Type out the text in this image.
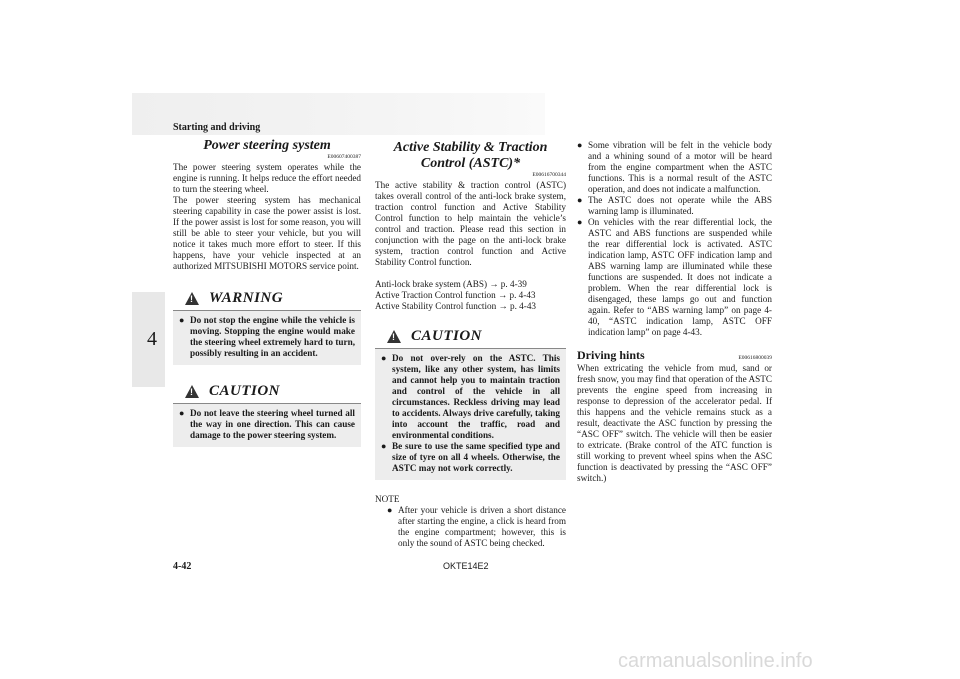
Starting and driving
4
Power steering system
E00607400387

The power steering system operates while the engine is running. It helps reduce the effort needed to turn the steering wheel.

The power steering system has mechanical steering capability in case the power assist is lost. If the power assist is lost for some reason, you will still be able to steer your vehicle, but you will notice it takes much more effort to steer. If this happens, have your vehicle inspected at an authorized MITSUBISHI MOTORS service point.

!
WARNING
● Do not stop the engine while the vehicle is moving. Stopping the engine would make the steering wheel extremely hard to turn, possibly resulting in an accident.
!
CAUTION
● Do not leave the steering wheel turned all the way in one direction. This can cause damage to the power steering system.
Active Stability & Traction
Control (ASTC)*
E00616700344

The active stability & traction control (ASTC) takes overall control of the anti-lock brake system, traction control function and Active Stability Control function to help maintain the vehicle’s control and traction. Please read this section in conjunction with the page on the anti-lock brake system, traction control function and Active Stability Control function.

Anti-lock brake system (ABS) → p. 4-39

Active Traction Control function → p. 4-43

Active Stability Control function → p. 4-43

!
CAUTION
● Do not over-rely on the ASTC. This system, like any other system, has limits and cannot help you to maintain traction and control of the vehicle in all circumstances. Reckless driving may lead to accidents. Always drive carefully, taking into account the traffic, road and environmental conditions.
● Be sure to use the same specified type and size of tyre on all 4 wheels. Otherwise, the ASTC may not work correctly.

NOTE

● After your vehicle is driven a short distance after starting the engine, a click is heard from the engine compartment; however, this is only the sound of ASTC being checked.
● Some vibration will be felt in the vehicle body and a whining sound of a motor will be heard from the engine compartment when the ASTC functions. This is a normal result of the ASTC operation, and does not indicate a malfunction.
● The ASTC does not operate while the ABS warning lamp is illuminated.
● On vehicles with the rear differential lock, the ASTC and ABS functions are suspended while the rear differential lock is activated. ASTC indication lamp, ASTC OFF indication lamp and ABS warning lamp are illuminated while these functions are suspended. It does not indicate a problem. When the rear differential lock is disengaged, these lamps go out and function again. Refer to “ABS warning lamp” on page 4-40, “ASTC indication lamp, ASTC OFF indication lamp” on page 4-43.
Driving hints	E00616800039

When extricating the vehicle from mud, sand or fresh snow, you may find that operation of the ASTC prevents the engine speed from increasing in response to depression of the accelerator pedal. If this happens and the vehicle remains stuck as a result, deactivate the ASC function by pressing the “ASC OFF” switch. The vehicle will then be easier to extricate. (Brake control of the ATC function is still working to prevent wheel spins when the ASC function is deactivated by pressing the “ASC OFF” switch.)

4-42	OKTE14E2
carmanualsonline.info
